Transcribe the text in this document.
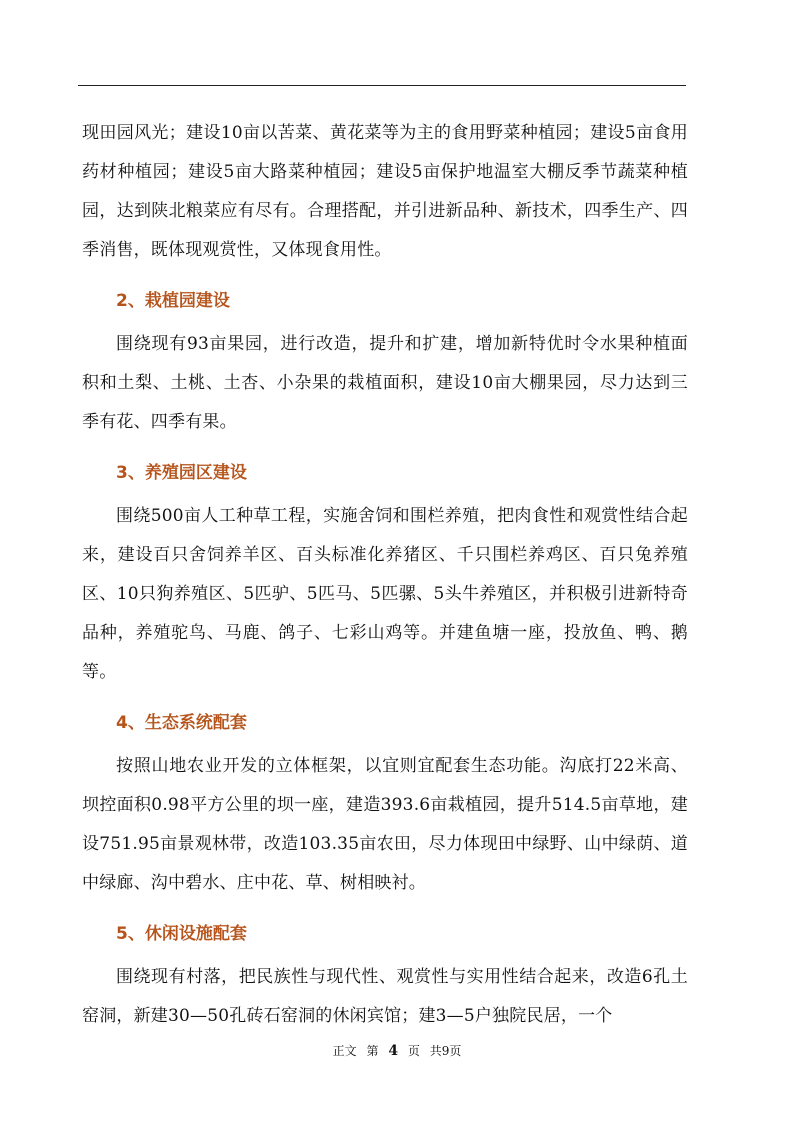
现田园风光；建设10亩以苦菜、黄花菜等为主的食用野菜种植园；建设5亩食用药材种植园；建设5亩大路菜种植园；建设5亩保护地温室大棚反季节蔬菜种植园，达到陕北粮菜应有尽有。合理搭配，并引进新品种、新技术，四季生产、四季消售，既体现观赏性，又体现食用性。

2、栽植园建设

围绕现有93亩果园，进行改造，提升和扩建，增加新特优时令水果种植面积和土梨、土桃、土杏、小杂果的栽植面积，建设10亩大棚果园，尽力达到三季有花、四季有果。

3、养殖园区建设

围绕500亩人工种草工程，实施舍饲和围栏养殖，把肉食性和观赏性结合起来，建设百只舍饲养羊区、百头标准化养猪区、千只围栏养鸡区、百只兔养殖区、10只狗养殖区、5匹驴、5匹马、5匹骡、5头牛养殖区，并积极引进新特奇品种，养殖驼鸟、马鹿、鸽子、七彩山鸡等。并建鱼塘一座，投放鱼、鸭、鹅等。

4、生态系统配套

按照山地农业开发的立体框架，以宜则宜配套生态功能。沟底打22米高、坝控面积0.98平方公里的坝一座，建造393.6亩栽植园，提升514.5亩草地，建设751.95亩景观林带，改造103.35亩农田，尽力体现田中绿野、山中绿荫、道中绿廊、沟中碧水、庄中花、草、树相映衬。

5、休闲设施配套

围绕现有村落，把民族性与现代性、观赏性与实用性结合起来，改造6孔土窑洞，新建30—50孔砖石窑洞的休闲宾馆；建3—5户独院民居，一个

正文 第 4 页 共9页
